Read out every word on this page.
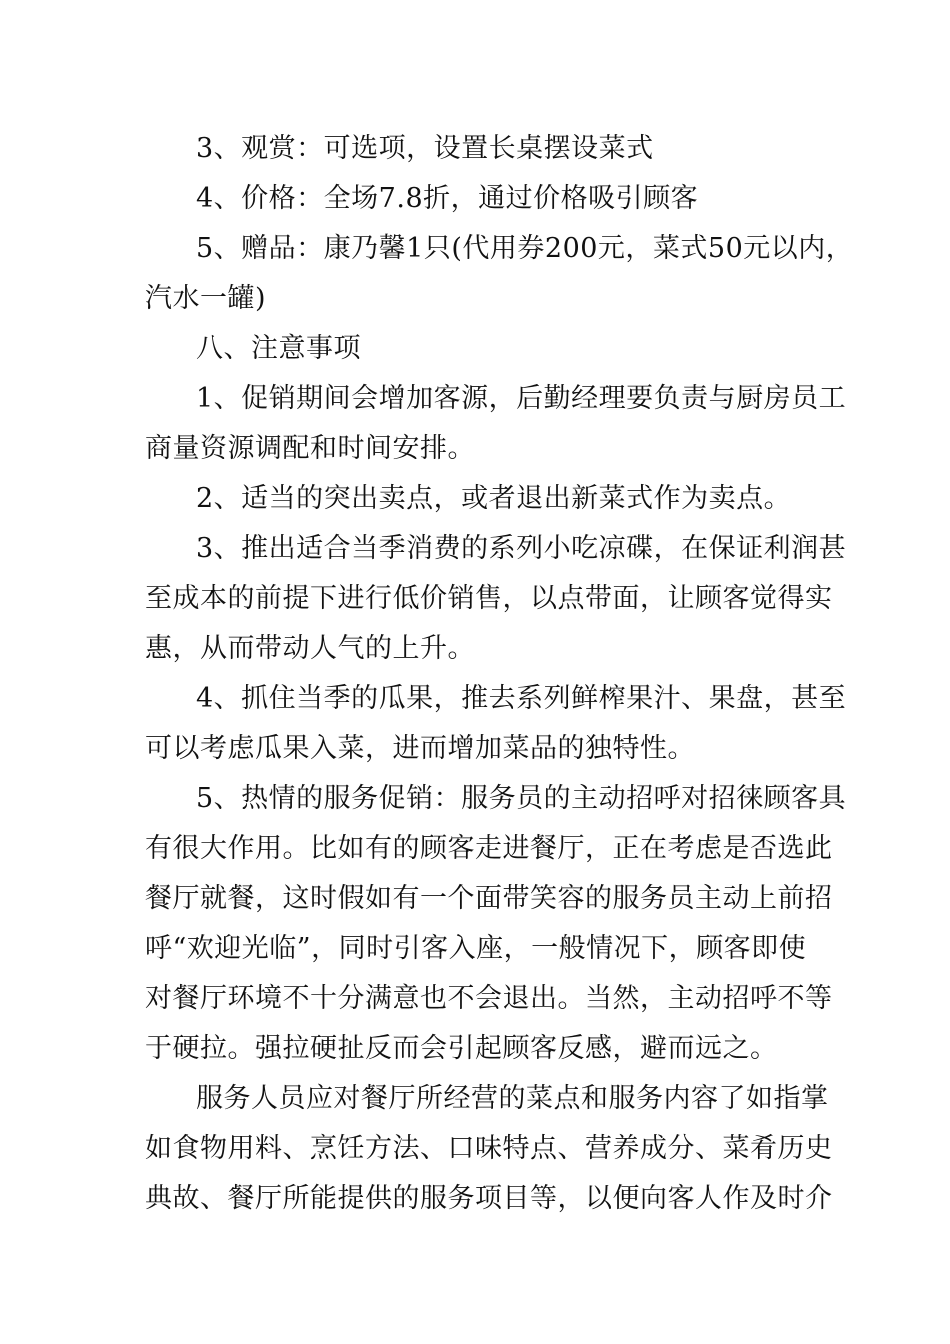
3、观赏：可选项，设置长桌摆设菜式
4、价格：全场7.8折，通过价格吸引顾客
5、赠品：康乃馨1只(代用券200元，菜式50元以内，
汽水一罐)
八、注意事项
1、促销期间会增加客源，后勤经理要负责与厨房员工
商量资源调配和时间安排。
2、适当的突出卖点，或者退出新菜式作为卖点。
3、推出适合当季消费的系列小吃凉碟，在保证利润甚
至成本的前提下进行低价销售，以点带面，让顾客觉得实
惠，从而带动人气的上升。
4、抓住当季的瓜果，推去系列鲜榨果汁、果盘，甚至
可以考虑瓜果入菜，进而增加菜品的独特性。
5、热情的服务促销：服务员的主动招呼对招徕顾客具
有很大作用。比如有的顾客走进餐厅，正在考虑是否选此
餐厅就餐，这时假如有一个面带笑容的服务员主动上前招
呼“欢迎光临”，同时引客入座，一般情况下，顾客即使
对餐厅环境不十分满意也不会退出。当然，主动招呼不等
于硬拉。强拉硬扯反而会引起顾客反感，避而远之。
服务人员应对餐厅所经营的菜点和服务内容了如指掌
如食物用料、烹饪方法、口味特点、营养成分、菜肴历史
典故、餐厅所能提供的服务项目等，以便向客人作及时介
